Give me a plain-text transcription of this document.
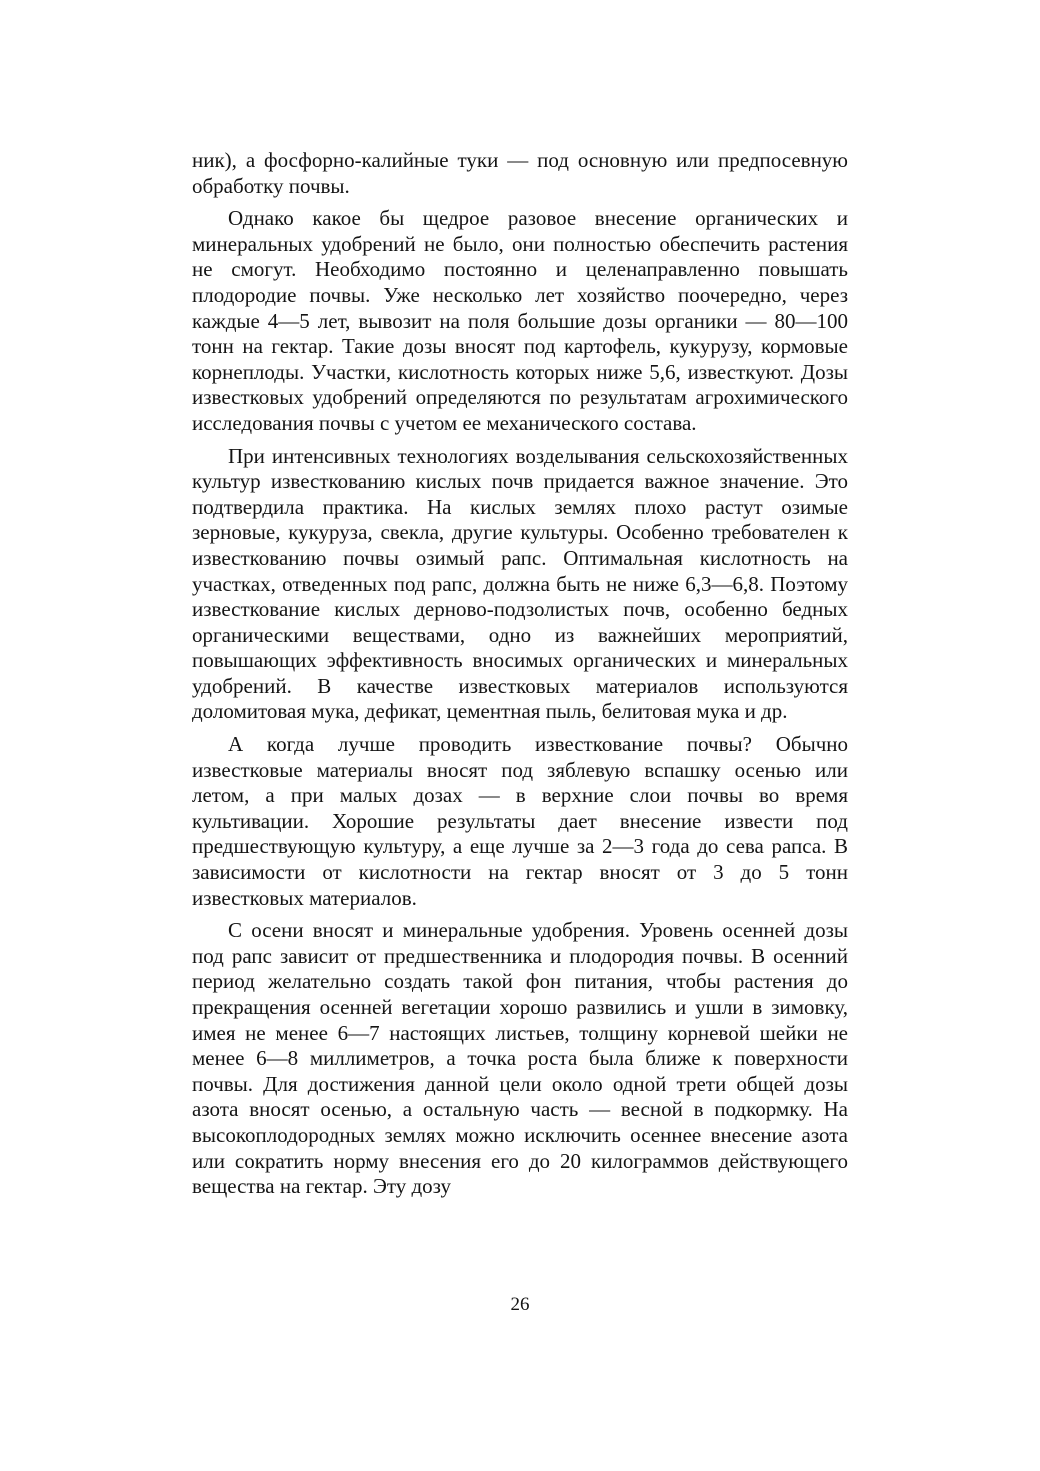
ник), а фосфорно-калийные туки — под основную или предпосевную обработку почвы.

Однако какое бы щедрое разовое внесение органических и минеральных удобрений не было, они полностью обеспечить растения не смогут. Необходимо постоянно и целенаправленно повышать плодородие почвы. Уже несколько лет хозяйство поочередно, через каждые 4—5 лет, вывозит на поля большие дозы органики — 80—100 тонн на гектар. Такие дозы вносят под картофель, кукурузу, кормовые корнеплоды. Участки, кислотность которых ниже 5,6, известкуют. Дозы известковых удобрений определяются по результатам агрохимического исследования почвы с учетом ее механического состава.

При интенсивных технологиях возделывания сельскохозяйственных культур известкованию кислых почв придается важное значение. Это подтвердила практика. На кислых землях плохо растут озимые зерновые, кукуруза, свекла, другие культуры. Особенно требователен к известкованию почвы озимый рапс. Оптимальная кислотность на участках, отведенных под рапс, должна быть не ниже 6,3—6,8. Поэтому известкование кислых дерново-подзолистых почв, особенно бедных органическими веществами, одно из важнейших мероприятий, повышающих эффективность вносимых органических и минеральных удобрений. В качестве известковых материалов используются доломитовая мука, дефикат, цементная пыль, белитовая мука и др.

А когда лучше проводить известкование почвы? Обычно известковые материалы вносят под зяблевую вспашку осенью или летом, а при малых дозах — в верхние слои почвы во время культивации. Хорошие результаты дает внесение извести под предшествующую культуру, а еще лучше за 2—3 года до сева рапса. В зависимости от кислотности на гектар вносят от 3 до 5 тонн известковых материалов.

С осени вносят и минеральные удобрения. Уровень осенней дозы под рапс зависит от предшественника и плодородия почвы. В осенний период желательно создать такой фон питания, чтобы растения до прекращения осенней вегетации хорошо развились и ушли в зимовку, имея не менее 6—7 настоящих листьев, толщину корневой шейки не менее 6—8 миллиметров, а точка роста была ближе к поверхности почвы. Для достижения данной цели около одной трети общей дозы азота вносят осенью, а остальную часть — весной в подкормку. На высокоплодородных землях можно исключить осеннее внесение азота или сократить норму внесения его до 20 килограммов действующего вещества на гектар. Эту дозу

26
